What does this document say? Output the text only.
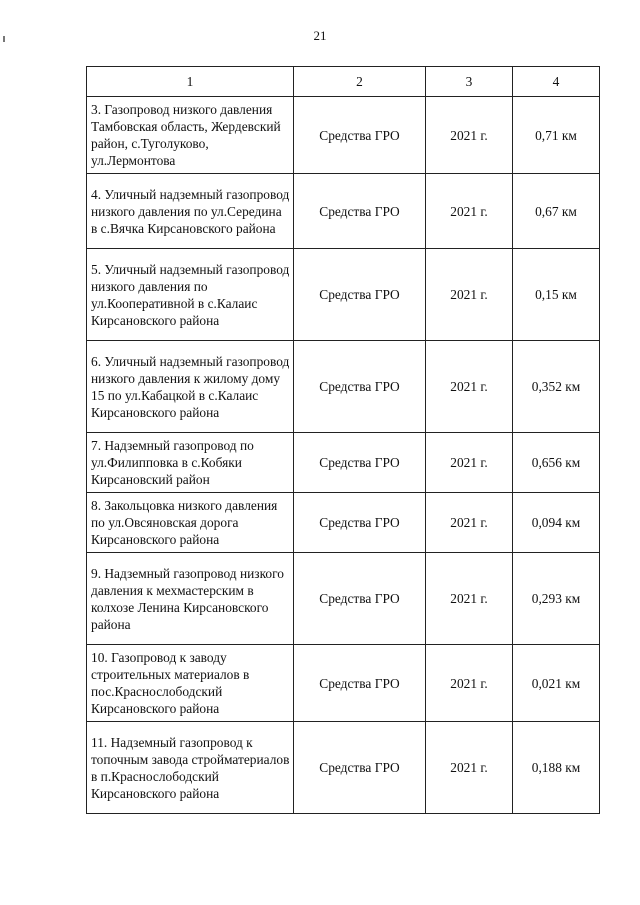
21
1	2	3	4
3. Газопровод низкого давления Тамбовская область, Жердевский район, с.Туголуково, ул.Лермонтова	Средства ГРО	2021 г.	0,71 км
4. Уличный надземный газопровод низкого давления по ул.Середина в с.Вячка Кирсановского района	Средства ГРО	2021 г.	0,67 км
5. Уличный надземный газопровод низкого давления по ул.Кооперативной в с.Калаис Кирсановского района	Средства ГРО	2021 г.	0,15 км
6. Уличный надземный газопровод низкого давления к жилому дому 15 по ул.Кабацкой в с.Калаис Кирсановского района	Средства ГРО	2021 г.	0,352 км
7. Надземный газопровод по ул.Филипповка в с.Кобяки Кирсановский район	Средства ГРО	2021 г.	0,656 км
8. Закольцовка низкого давления по ул.Овсяновская дорога Кирсановского района	Средства ГРО	2021 г.	0,094 км
9. Надземный газопровод низкого давления к мехмастерским в колхозе Ленина Кирсановского района	Средства ГРО	2021 г.	0,293 км
10. Газопровод к заводу строительных материалов в пос.Краснослободский Кирсановского района	Средства ГРО	2021 г.	0,021 км
11. Надземный газопровод к топочным завода стройматериалов в п.Краснослободский Кирсановского района	Средства ГРО	2021 г.	0,188 км
